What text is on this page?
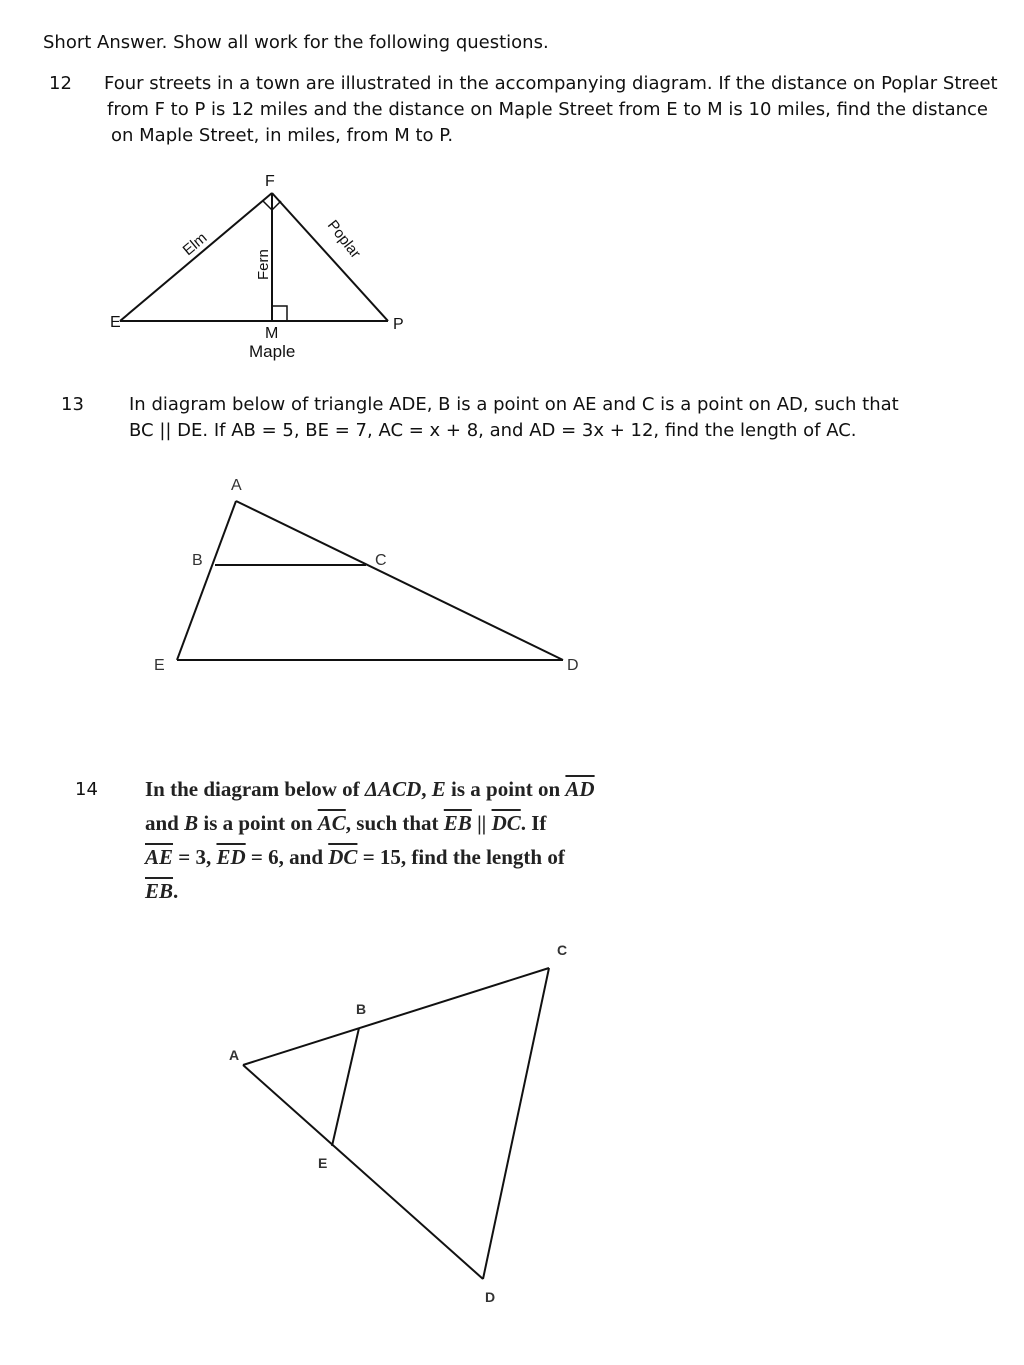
Short Answer. Show all work for the following questions.
12 Four streets in a town are illustrated in the accompanying diagram. If the distance on Poplar Street
from F to P is 12 miles and the distance on Maple Street from E to M is 10 miles, find the distance
on Maple Street, in miles, from M to P.
13	In diagram below of triangle ADE, B is a point on AE and C is a point on AD, such that
BC || DE. If AB = 5, BE = 7, AC = x + 8, and AD = 3x + 12, find the length of AC.
14 In the diagram below of ΔACD, E is a point on $\overline{AD}$
and B is a point on $\overline{AC}$, such that $\overline{EB}$ || $\overline{DC}$. If
$\overline{AE} = 3$, $\overline{ED} = 6$, and $\overline{DC} = 15$, find the length of
$\overline{EB}$.
F
E	P
M
Maple
Elm
Fern
Poplar
A
B	C
D
E
A
B
C
D
E
